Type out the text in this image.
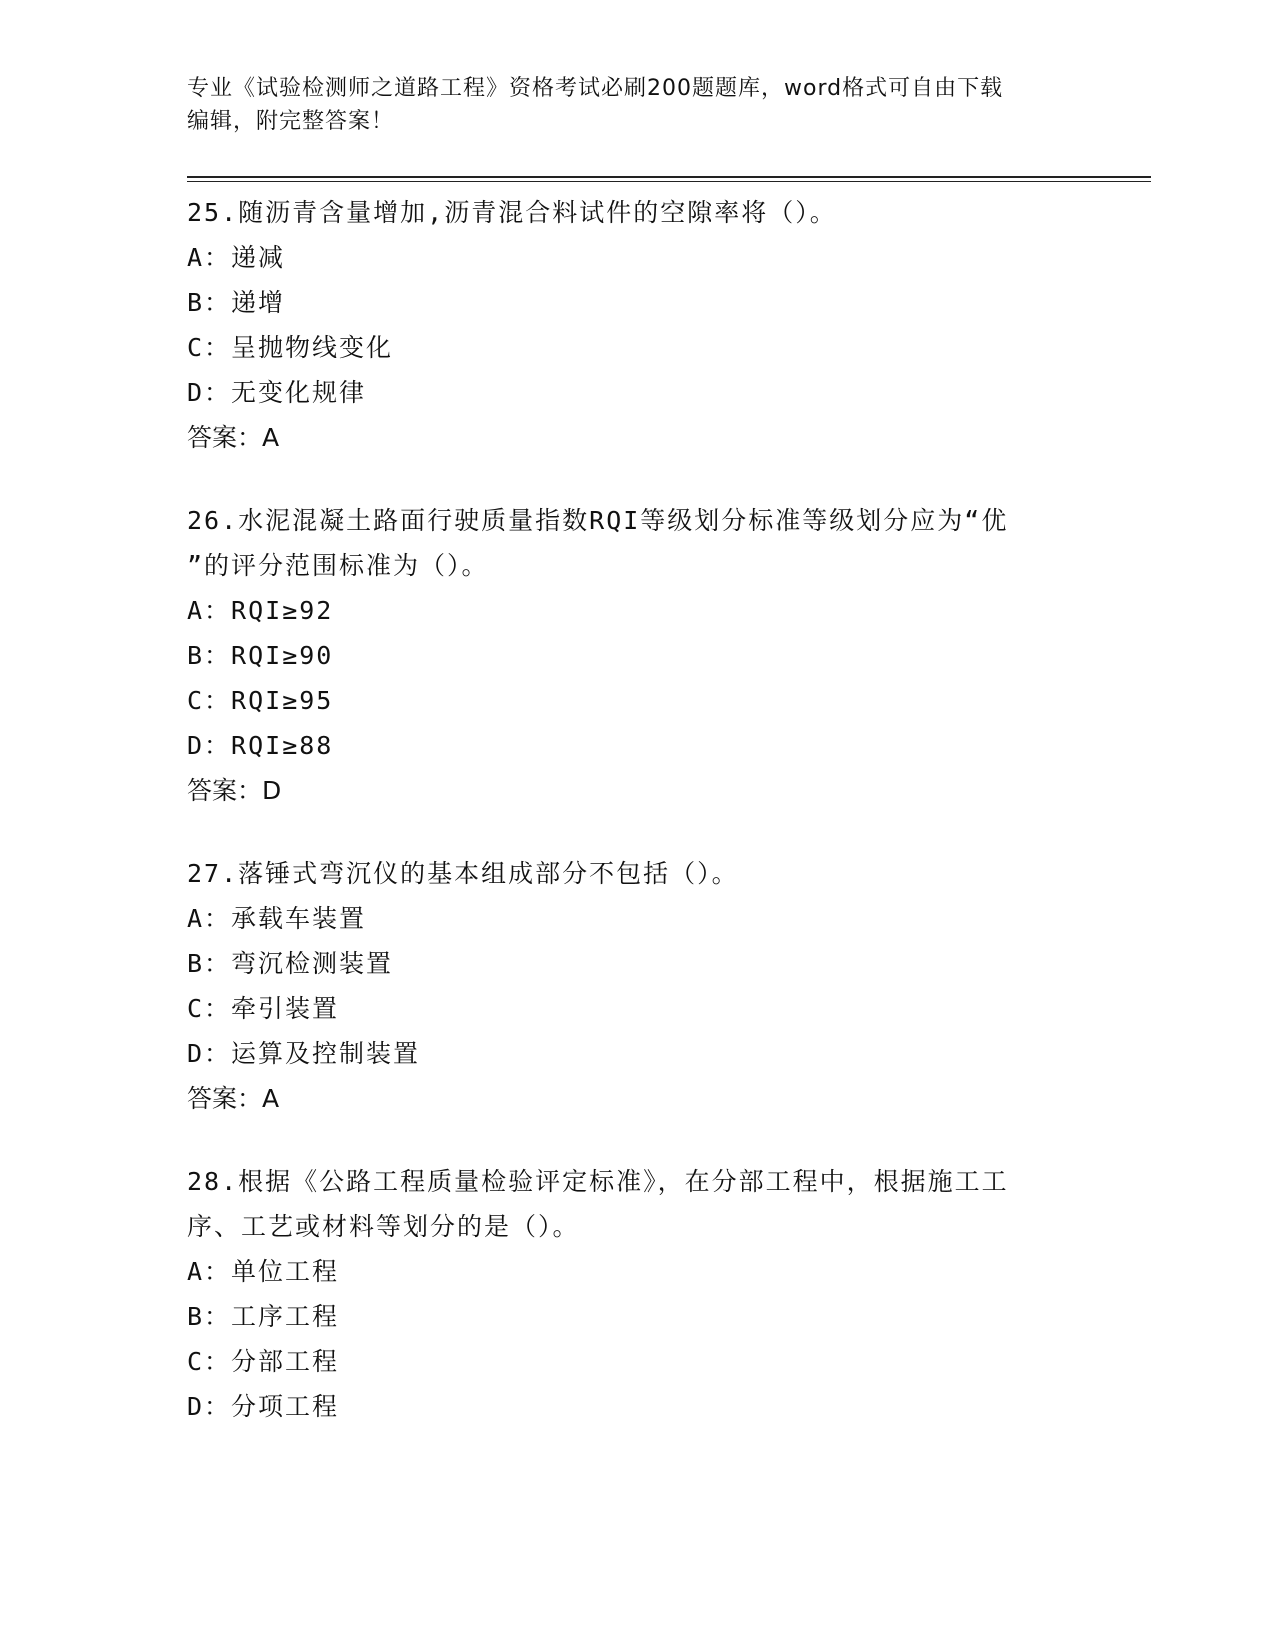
专业《试验检测师之道路工程》资格考试必刷200题题库，word格式可自由下载
编辑，附完整答案！
25.随沥青含量增加,沥青混合料试件的空隙率将（）。
A：递减
B：递增
C：呈抛物线变化
D：无变化规律
答案：A
26.水泥混凝土路面行驶质量指数RQI等级划分标准等级划分应为“优
”的评分范围标准为（）。
A：RQI≥92
B：RQI≥90
C：RQI≥95
D：RQI≥88
答案：D
27.落锤式弯沉仪的基本组成部分不包括（）。
A：承载车装置
B：弯沉检测装置
C：牵引装置
D：运算及控制装置
答案：A
28.根据《公路工程质量检验评定标准》，在分部工程中，根据施工工
序、工艺或材料等划分的是（）。
A：单位工程
B：工序工程
C：分部工程
D：分项工程
